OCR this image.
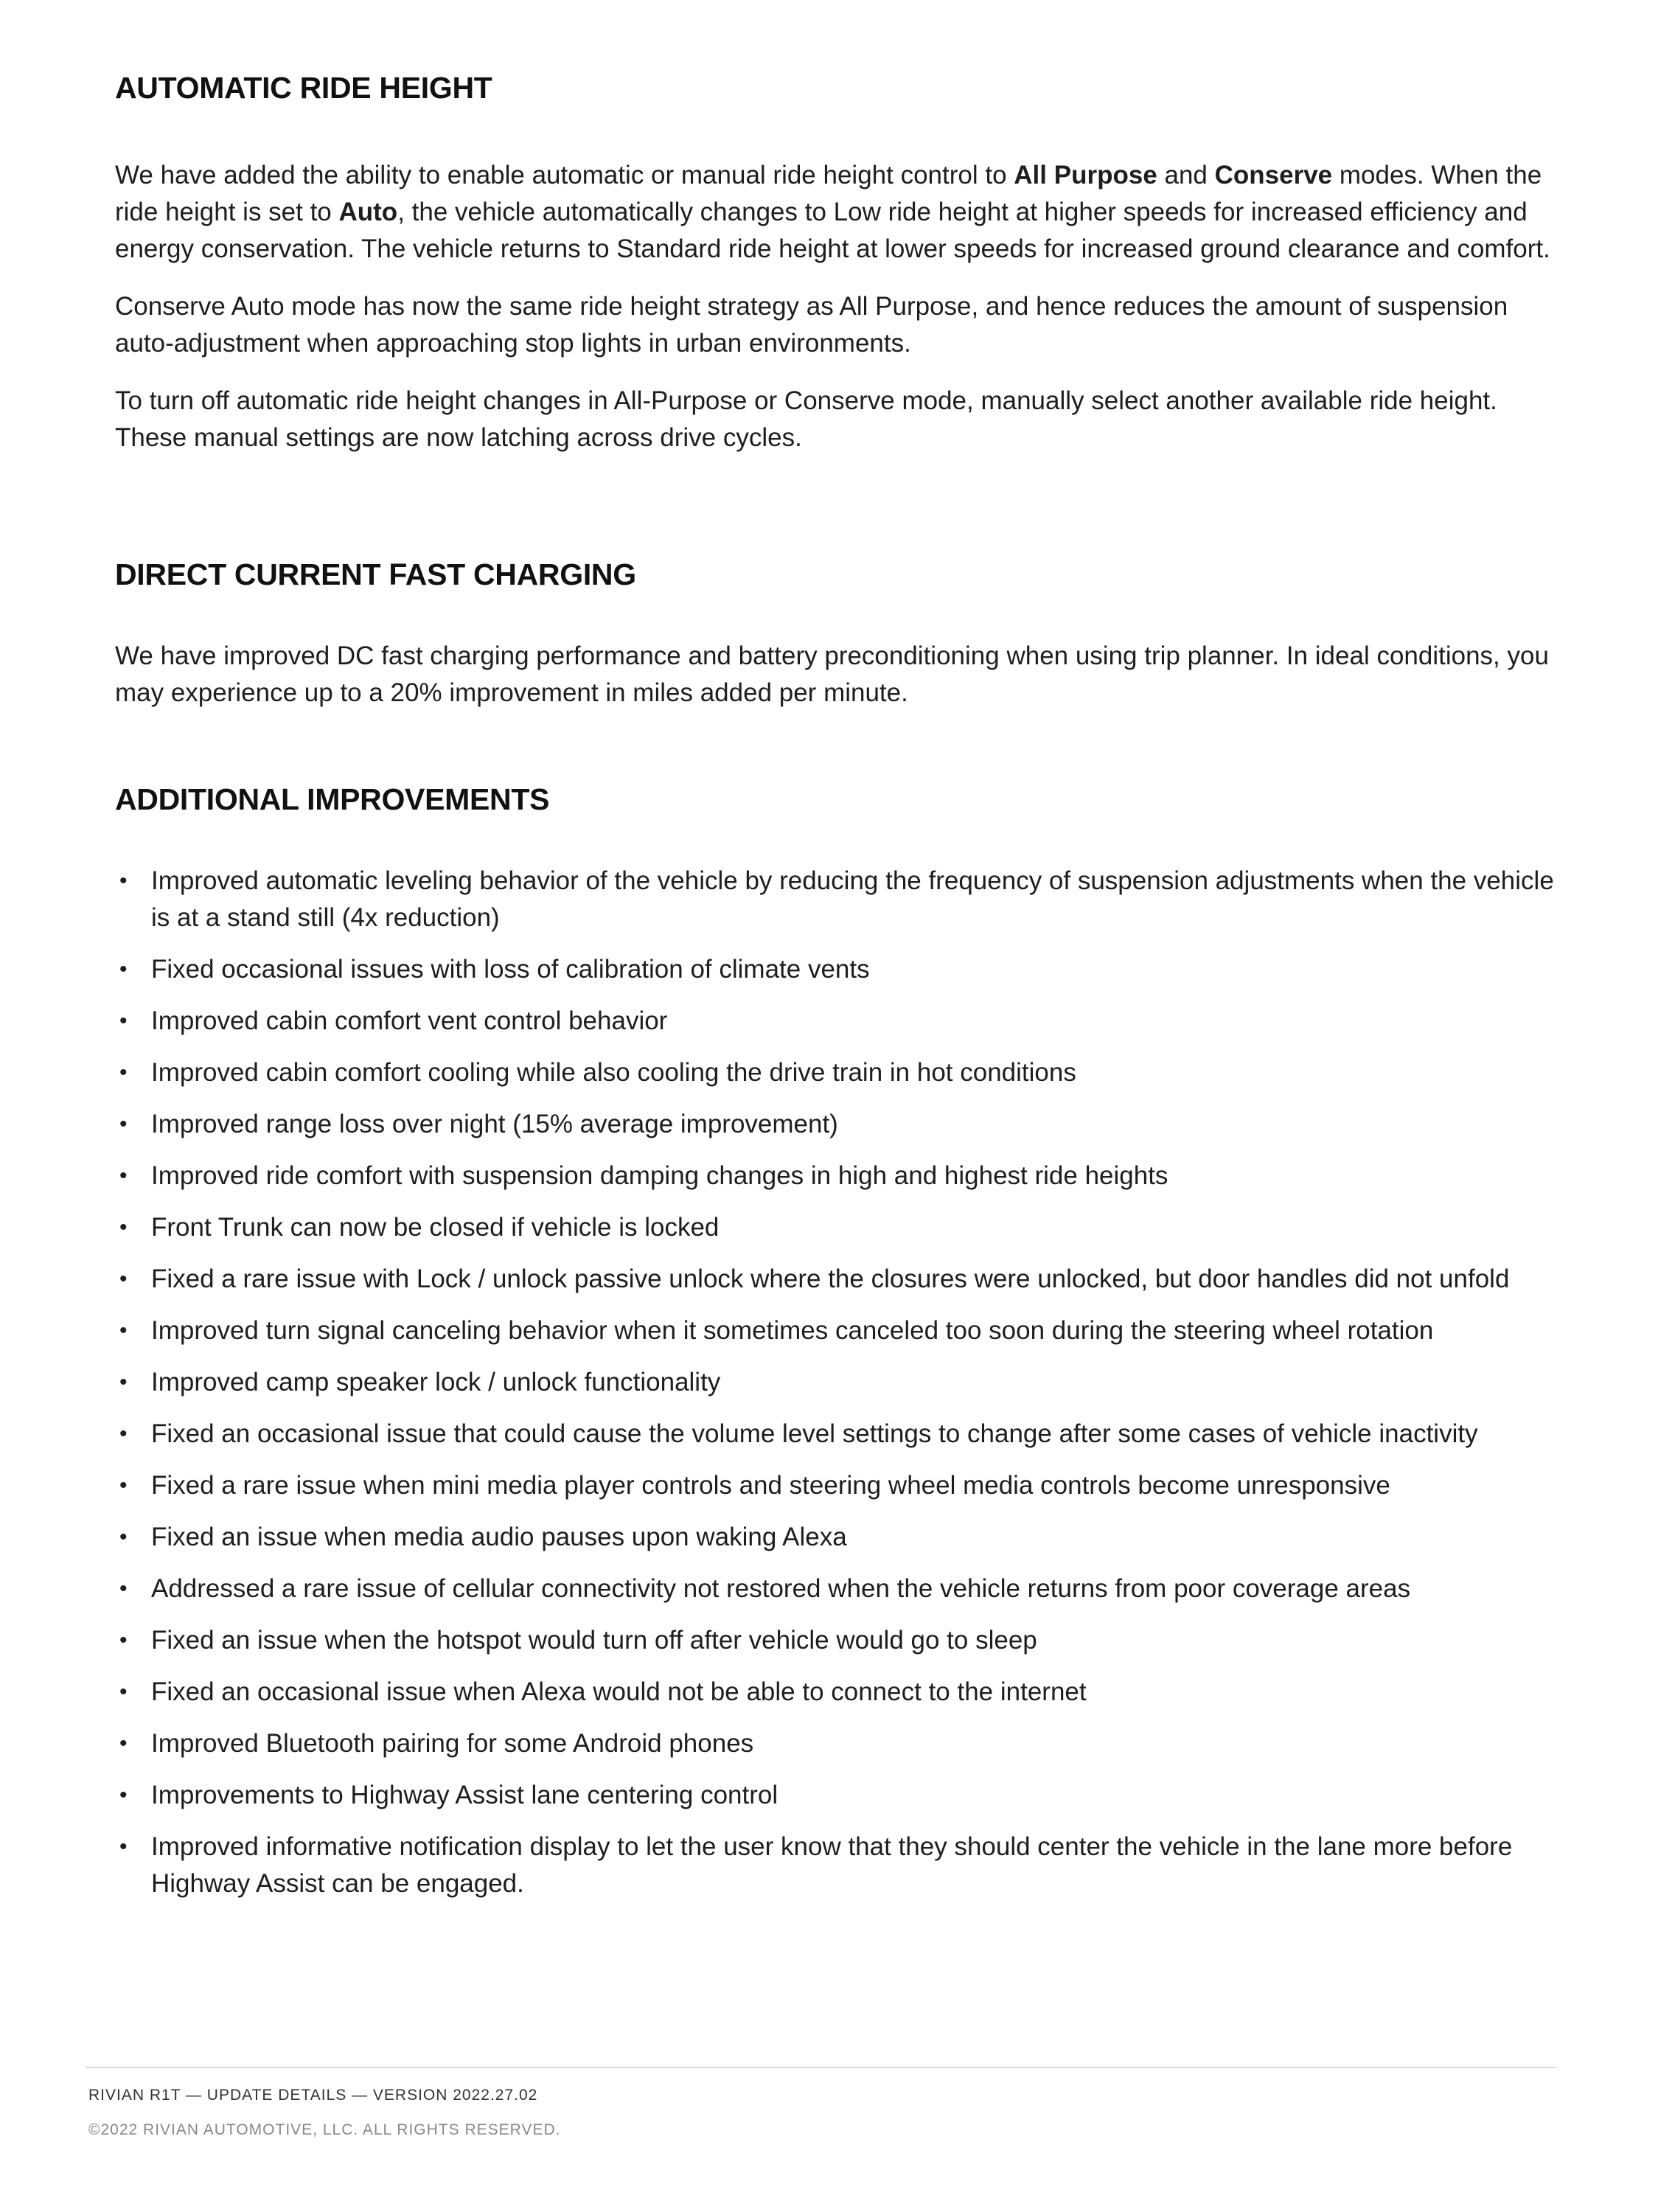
AUTOMATIC RIDE HEIGHT

We have added the ability to enable automatic or manual ride height control to All Purpose and Conserve modes. When the ride height is set to Auto, the vehicle automatically changes to Low ride height at higher speeds for increased efficiency and energy conservation. The vehicle returns to Standard ride height at lower speeds for increased ground clearance and comfort.

Conserve Auto mode has now the same ride height strategy as All Purpose, and hence reduces the amount of suspension auto-adjustment when approaching stop lights in urban environments.

To turn off automatic ride height changes in All-Purpose or Conserve mode, manually select another available ride height. These manual settings are now latching across drive cycles.

DIRECT CURRENT FAST CHARGING

We have improved DC fast charging performance and battery preconditioning when using trip planner. In ideal conditions, you may experience up to a 20% improvement in miles added per minute.

ADDITIONAL IMPROVEMENTS
• Improved automatic leveling behavior of the vehicle by reducing the frequency of suspension adjustments when the vehicle is at a stand still (4x reduction)
• Fixed occasional issues with loss of calibration of climate vents
• Improved cabin comfort vent control behavior
• Improved cabin comfort cooling while also cooling the drive train in hot conditions
• Improved range loss over night (15% average improvement)
• Improved ride comfort with suspension damping changes in high and highest ride heights
• Front Trunk can now be closed if vehicle is locked
• Fixed a rare issue with Lock / unlock passive unlock where the closures were unlocked, but door handles did not unfold
• Improved turn signal canceling behavior when it sometimes canceled too soon during the steering wheel rotation
• Improved camp speaker lock / unlock functionality
• Fixed an occasional issue that could cause the volume level settings to change after some cases of vehicle inactivity
• Fixed a rare issue when mini media player controls and steering wheel media controls become unresponsive
• Fixed an issue when media audio pauses upon waking Alexa
• Addressed a rare issue of cellular connectivity not restored when the vehicle returns from poor coverage areas
• Fixed an issue when the hotspot would turn off after vehicle would go to sleep
• Fixed an occasional issue when Alexa would not be able to connect to the internet
• Improved Bluetooth pairing for some Android phones
• Improvements to Highway Assist lane centering control
• Improved informative notification display to let the user know that they should center the vehicle in the lane more before Highway Assist can be engaged.
RIVIAN R1T — UPDATE DETAILS — VERSION 2022.27.02
©2022 RIVIAN AUTOMOTIVE, LLC. ALL RIGHTS RESERVED.
